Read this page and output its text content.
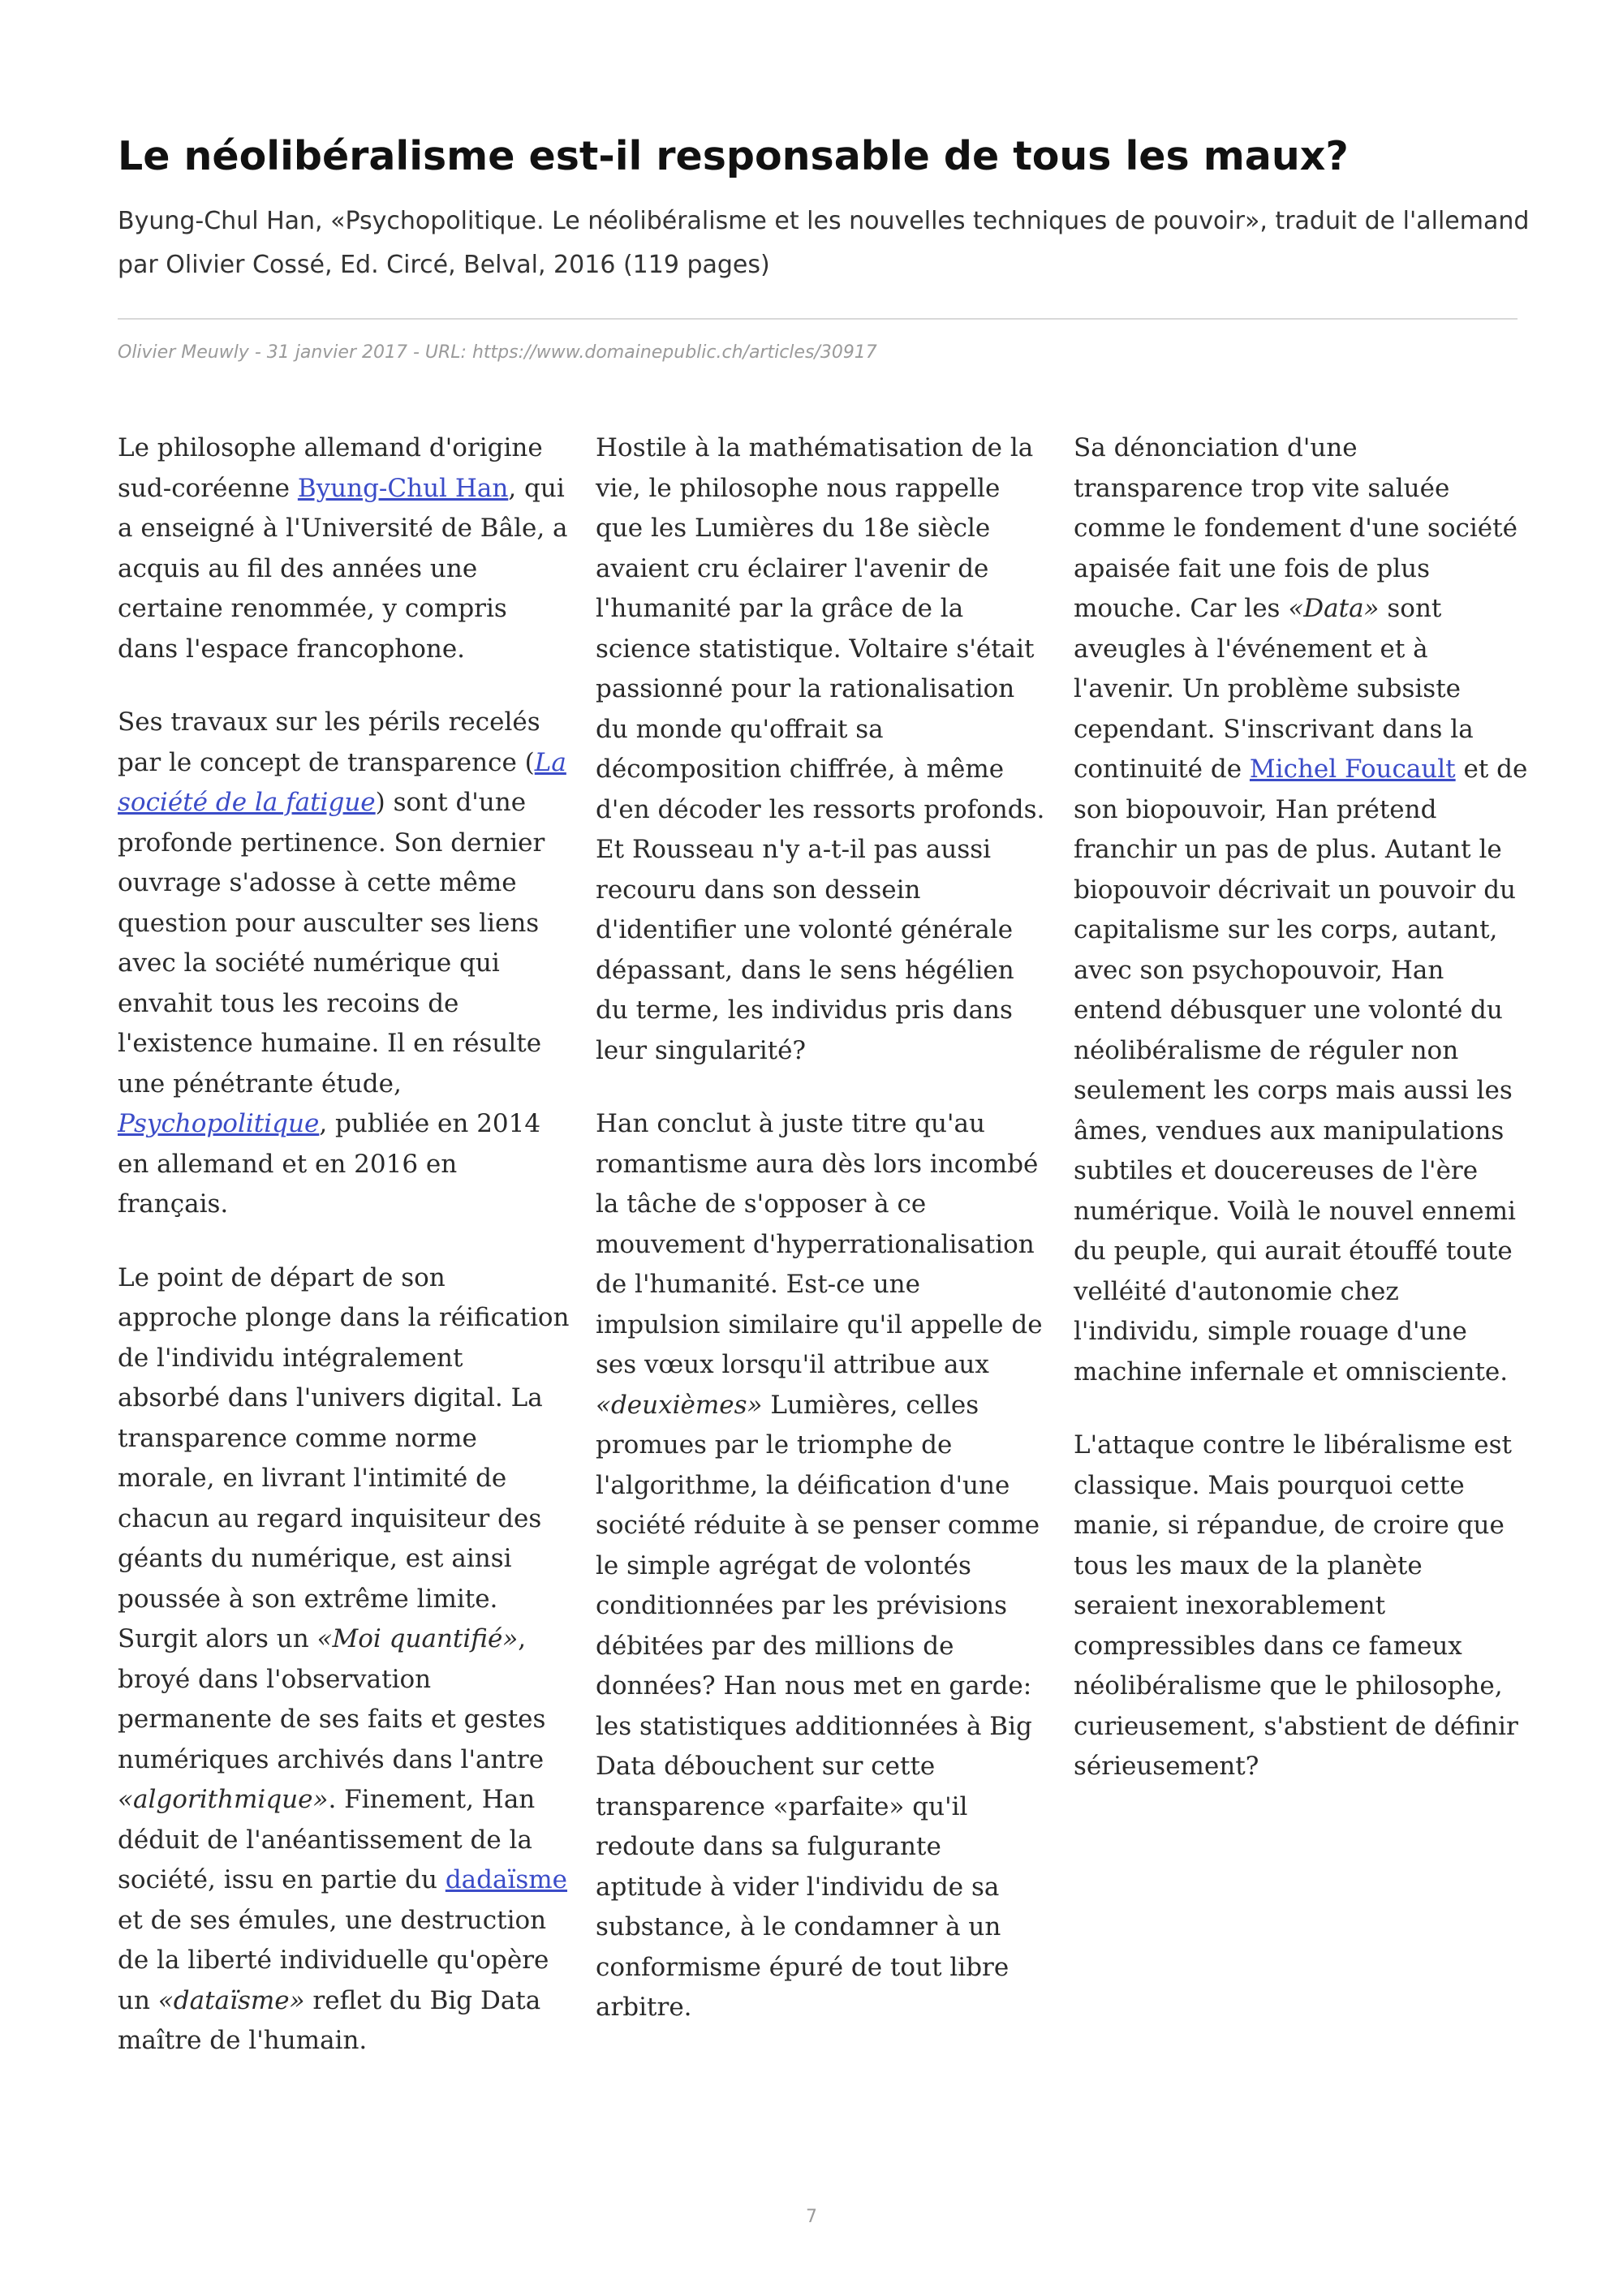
Le néolibéralisme est-il responsable de tous les maux?

Byung-Chul Han, «Psychopolitique. Le néolibéralisme et les nouvelles techniques de pouvoir», traduit de l'allemand par Olivier Cossé, Ed. Circé, Belval, 2016 (119 pages)

Olivier Meuwly - 31 janvier 2017 - URL: https://www.domainepublic.ch/articles/30917

Le philosophe allemand d'origine sud-coréenne Byung-Chul Han, qui a enseigné à l'Université de Bâle, a acquis au fil des années une certaine renommée, y compris dans l'espace francophone.

Ses travaux sur les périls recelés par le concept de transparence (La société de la fatigue) sont d'une profonde pertinence. Son dernier ouvrage s'adosse à cette même question pour ausculter ses liens avec la société numérique qui envahit tous les recoins de l'existence humaine. Il en résulte une pénétrante étude, Psychopolitique, publiée en 2014 en allemand et en 2016 en français.

Le point de départ de son approche plonge dans la réification de l'individu intégralement absorbé dans l'univers digital. La transparence comme norme morale, en livrant l'intimité de chacun au regard inquisiteur des géants du numérique, est ainsi poussée à son extrême limite. Surgit alors un «Moi quantifié», broyé dans l'observation permanente de ses faits et gestes numériques archivés dans l'antre «algorithmique». Finement, Han déduit de l'anéantissement de la société, issu en partie du dadaïsme et de ses émules, une destruction de la liberté individuelle qu'opère un «dataïsme» reflet du Big Data maître de l'humain.

Hostile à la mathématisation de la vie, le philosophe nous rappelle que les Lumières du 18e siècle avaient cru éclairer l'avenir de l'humanité par la grâce de la science statistique. Voltaire s'était passionné pour la rationalisation du monde qu'offrait sa décomposition chiffrée, à même d'en décoder les ressorts profonds. Et Rousseau n'y a-t-il pas aussi recouru dans son dessein d'identifier une volonté générale dépassant, dans le sens hégélien du terme, les individus pris dans leur singularité?

Han conclut à juste titre qu'au romantisme aura dès lors incombé la tâche de s'opposer à ce mouvement d'hyperrationalisation de l'humanité. Est-ce une impulsion similaire qu'il appelle de ses vœux lorsqu'il attribue aux «deuxièmes» Lumières, celles promues par le triomphe de l'algorithme, la déification d'une société réduite à se penser comme le simple agrégat de volontés conditionnées par les prévisions débitées par des millions de données? Han nous met en garde: les statistiques additionnées à Big Data débouchent sur cette transparence «parfaite» qu'il redoute dans sa fulgurante aptitude à vider l'individu de sa substance, à le condamner à un conformisme épuré de tout libre arbitre.

Sa dénonciation d'une transparence trop vite saluée comme le fondement d'une société apaisée fait une fois de plus mouche. Car les «Data» sont aveugles à l'événement et à l'avenir. Un problème subsiste cependant. S'inscrivant dans la continuité de Michel Foucault et de son biopouvoir, Han prétend franchir un pas de plus. Autant le biopouvoir décrivait un pouvoir du capitalisme sur les corps, autant, avec son psychopouvoir, Han entend débusquer une volonté du néolibéralisme de réguler non seulement les corps mais aussi les âmes, vendues aux manipulations subtiles et doucereuses de l'ère numérique. Voilà le nouvel ennemi du peuple, qui aurait étouffé toute velléité d'autonomie chez l'individu, simple rouage d'une machine infernale et omnisciente.

L'attaque contre le libéralisme est classique. Mais pourquoi cette manie, si répandue, de croire que tous les maux de la planète seraient inexorablement compressibles dans ce fameux néolibéralisme que le philosophe, curieusement, s'abstient de définir sérieusement?

7
